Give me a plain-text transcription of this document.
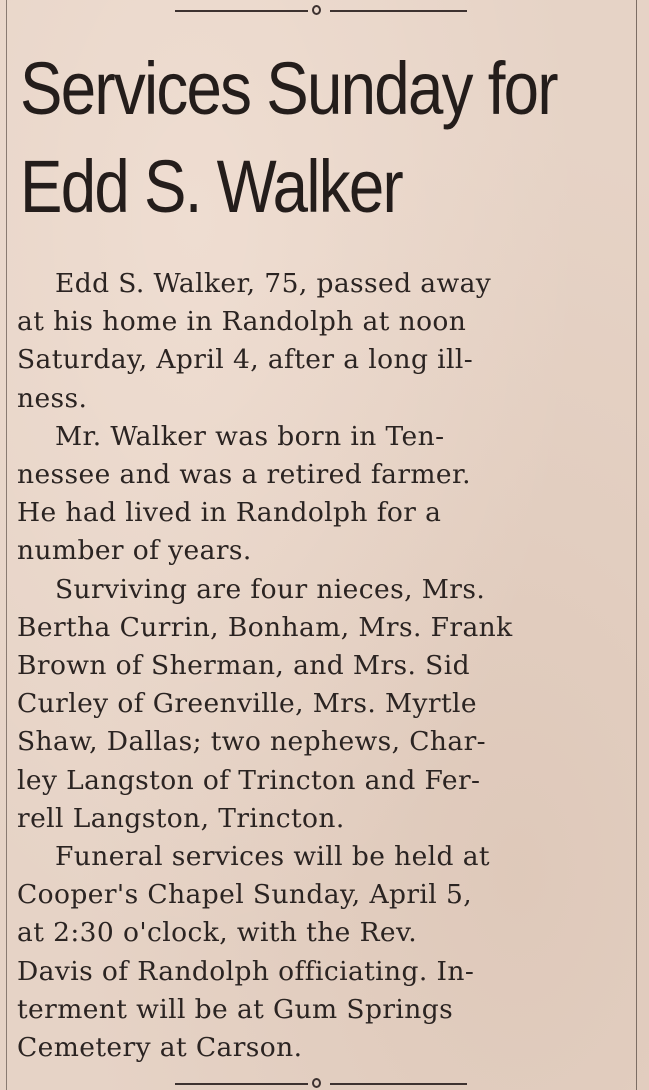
Services Sunday for
Edd S. Walker

Edd S. Walker, 75, passed away
at his home in Randolph at noon
Saturday, April 4, after a long ill-
ness.

Mr. Walker was born in Ten-
nessee and was a retired farmer.
He had lived in Randolph for a
number of years.

Surviving are four nieces, Mrs.
Bertha Currin, Bonham, Mrs. Frank
Brown of Sherman, and Mrs. Sid
Curley of Greenville, Mrs. Myrtle
Shaw, Dallas; two nephews, Char-
ley Langston of Trincton and Fer-
rell Langston, Trincton.

Funeral services will be held at
Cooper's Chapel Sunday, April 5,
at 2:30 o'clock, with the Rev.
Davis of Randolph officiating. In-
terment will be at Gum Springs
Cemetery at Carson.
